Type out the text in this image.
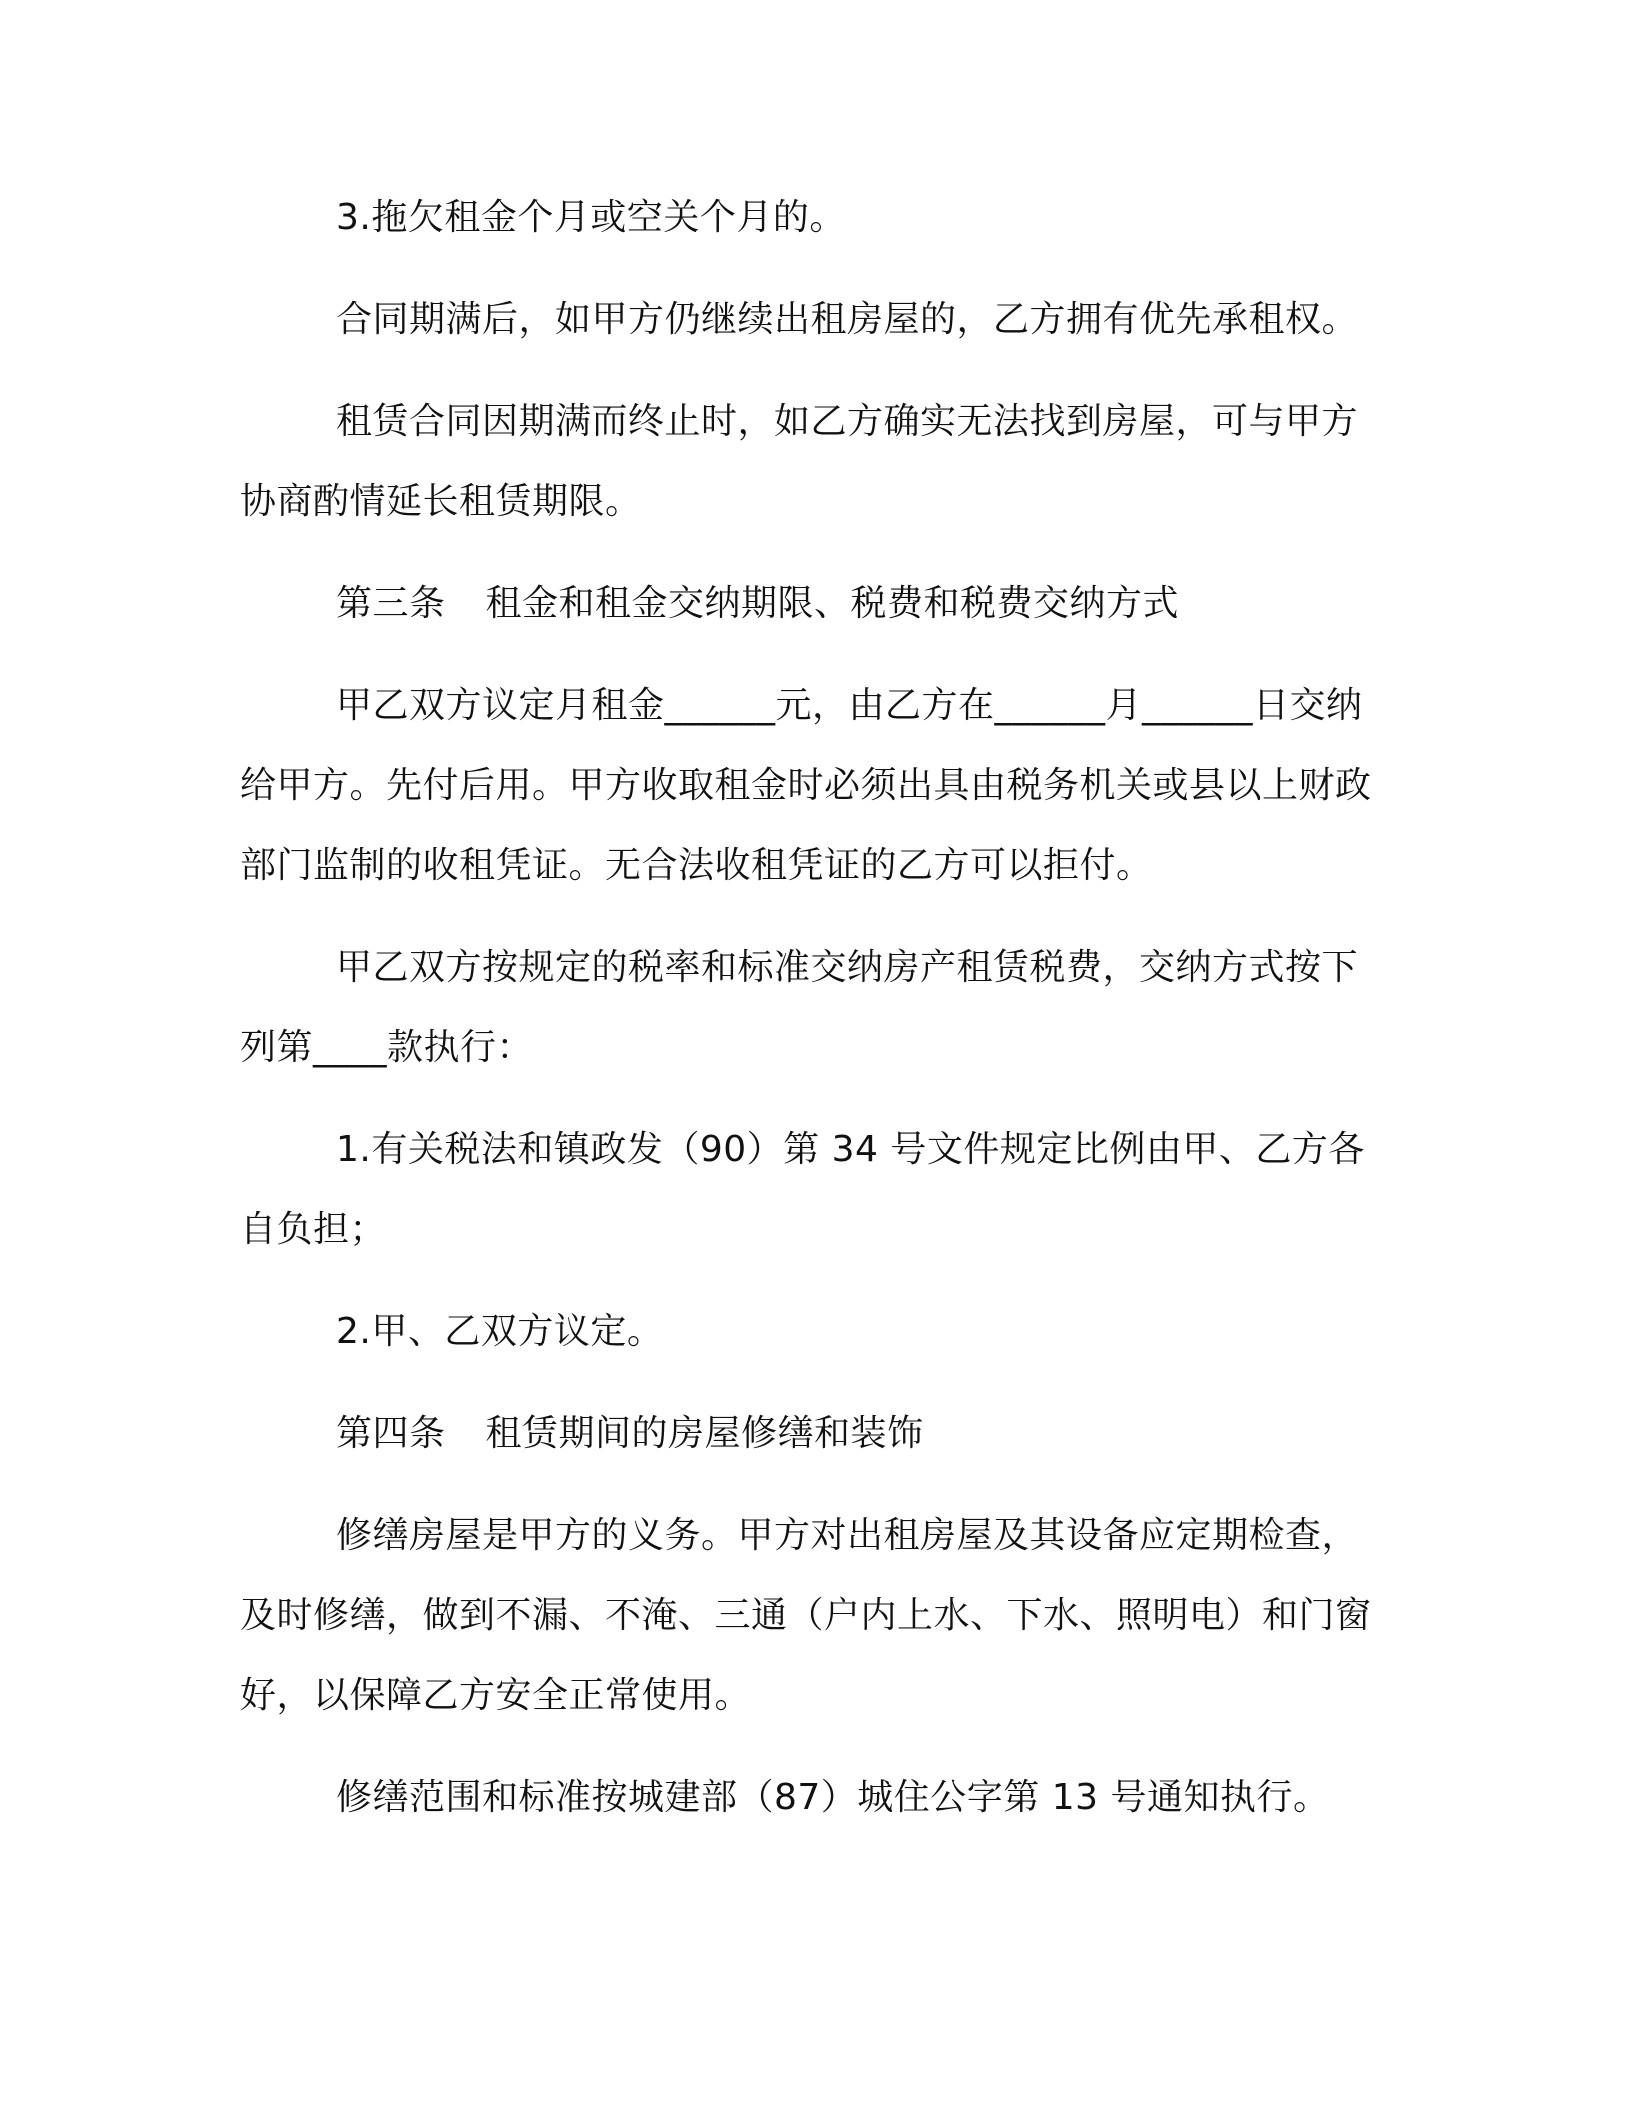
3.拖欠租金个月或空关个月的。

合同期满后，如甲方仍继续出租房屋的，乙方拥有优先承租权。

租赁合同因期满而终止时，如乙方确实无法找到房屋，可与甲方协商酌情延长租赁期限。

第三条 租金和租金交纳期限、税费和税费交纳方式

甲乙双方议定月租金______元，由乙方在______月______日交纳给甲方。先付后用。甲方收取租金时必须出具由税务机关或县以上财政部门监制的收租凭证。无合法收租凭证的乙方可以拒付。

甲乙双方按规定的税率和标准交纳房产租赁税费，交纳方式按下列第____款执行：

1.有关税法和镇政发（90）第 34 号文件规定比例由甲、乙方各自负担；

2.甲、乙双方议定。

第四条 租赁期间的房屋修缮和装饰

修缮房屋是甲方的义务。甲方对出租房屋及其设备应定期检查，及时修缮，做到不漏、不淹、三通（户内上水、下水、照明电）和门窗好，以保障乙方安全正常使用。

修缮范围和标准按城建部（87）城住公字第 13 号通知执行。
